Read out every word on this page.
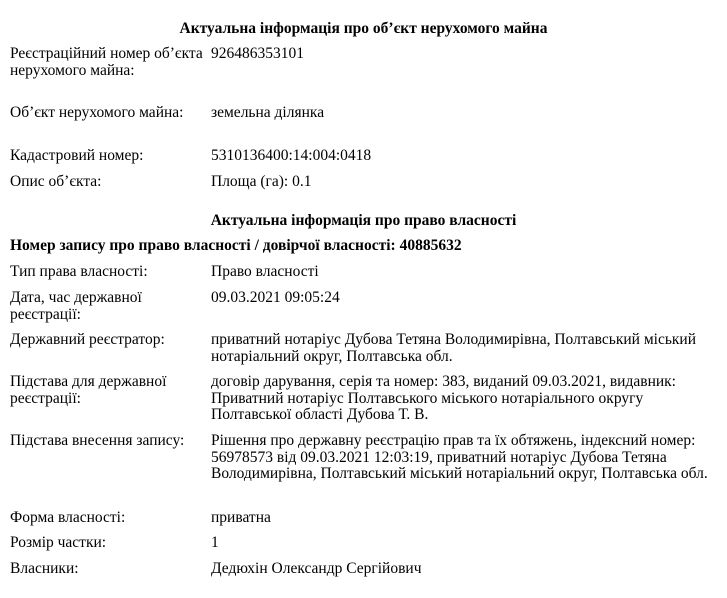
Актуальна інформація про об’єкт нерухомого майна
Реєстраційний номер об’єкта нерухомого майна:
926486353101
Об’єкт нерухомого майна:	земельна ділянка
Кадастровий номер:	5310136400:14:004:0418
Опис об’єкта:	Площа (га): 0.1
Актуальна інформація про право власності
Номер запису про право власності / довірчої власності: 40885632
Тип права власності:	Право власності
Дата, час державної реєстрації:
09.03.2021 09:05:24
Державний реєстратор:	приватний нотаріус Дубова Тетяна Володимирівна, Полтавський міський нотаріальний округ, Полтавська обл.
Підстава для державної реєстрації:
договір дарування, серія та номер: 383, виданий 09.03.2021, видавник: Приватний нотаріус Полтавського міського нотаріального округу Полтавської області Дубова Т. В.
Підстава внесення запису:	Рішення про державну реєстрацію прав та їх обтяжень, індексний номер: 56978573 від 09.03.2021 12:03:19, приватний нотаріус Дубова Тетяна Володимирівна, Полтавський міський нотаріальний округ, Полтавська обл.
Форма власності:	приватна
Розмір частки:	1
Власники:	Дедюхін Олександр Сергійович
